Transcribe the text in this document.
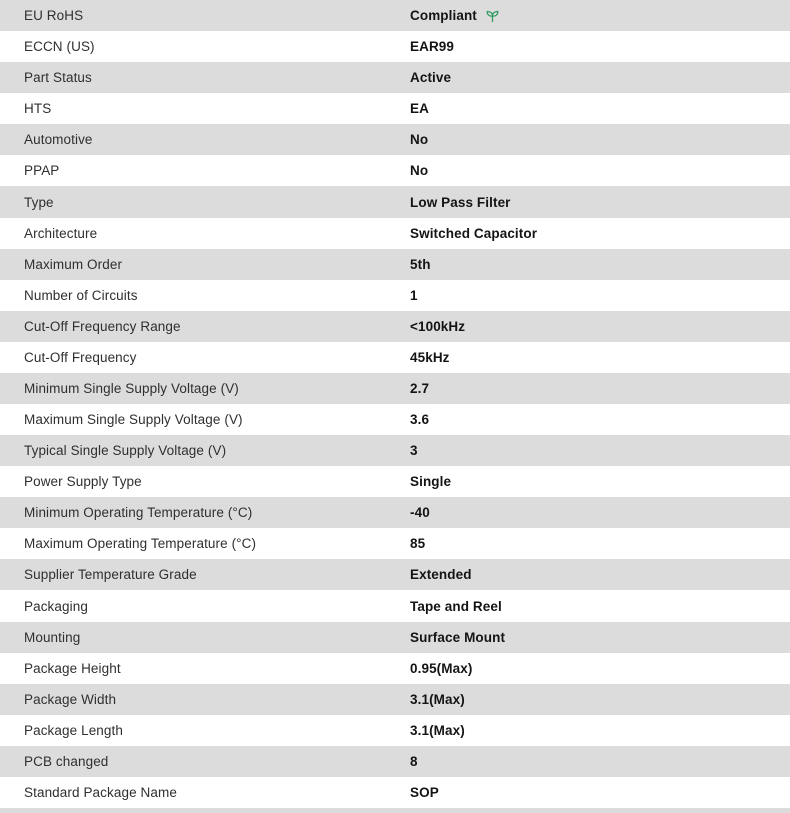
EU RoHS	Compliant
ECCN (US)	EAR99
Part Status	Active
HTS	EA
Automotive	No
PPAP	No
Type	Low Pass Filter
Architecture	Switched Capacitor
Maximum Order	5th
Number of Circuits	1
Cut-Off Frequency Range	<100kHz
Cut-Off Frequency	45kHz
Minimum Single Supply Voltage (V)	2.7
Maximum Single Supply Voltage (V)	3.6
Typical Single Supply Voltage (V)	3
Power Supply Type	Single
Minimum Operating Temperature (°C)	-40
Maximum Operating Temperature (°C)	85
Supplier Temperature Grade	Extended
Packaging	Tape and Reel
Mounting	Surface Mount
Package Height	0.95(Max)
Package Width	3.1(Max)
Package Length	3.1(Max)
PCB changed	8
Standard Package Name	SOP
